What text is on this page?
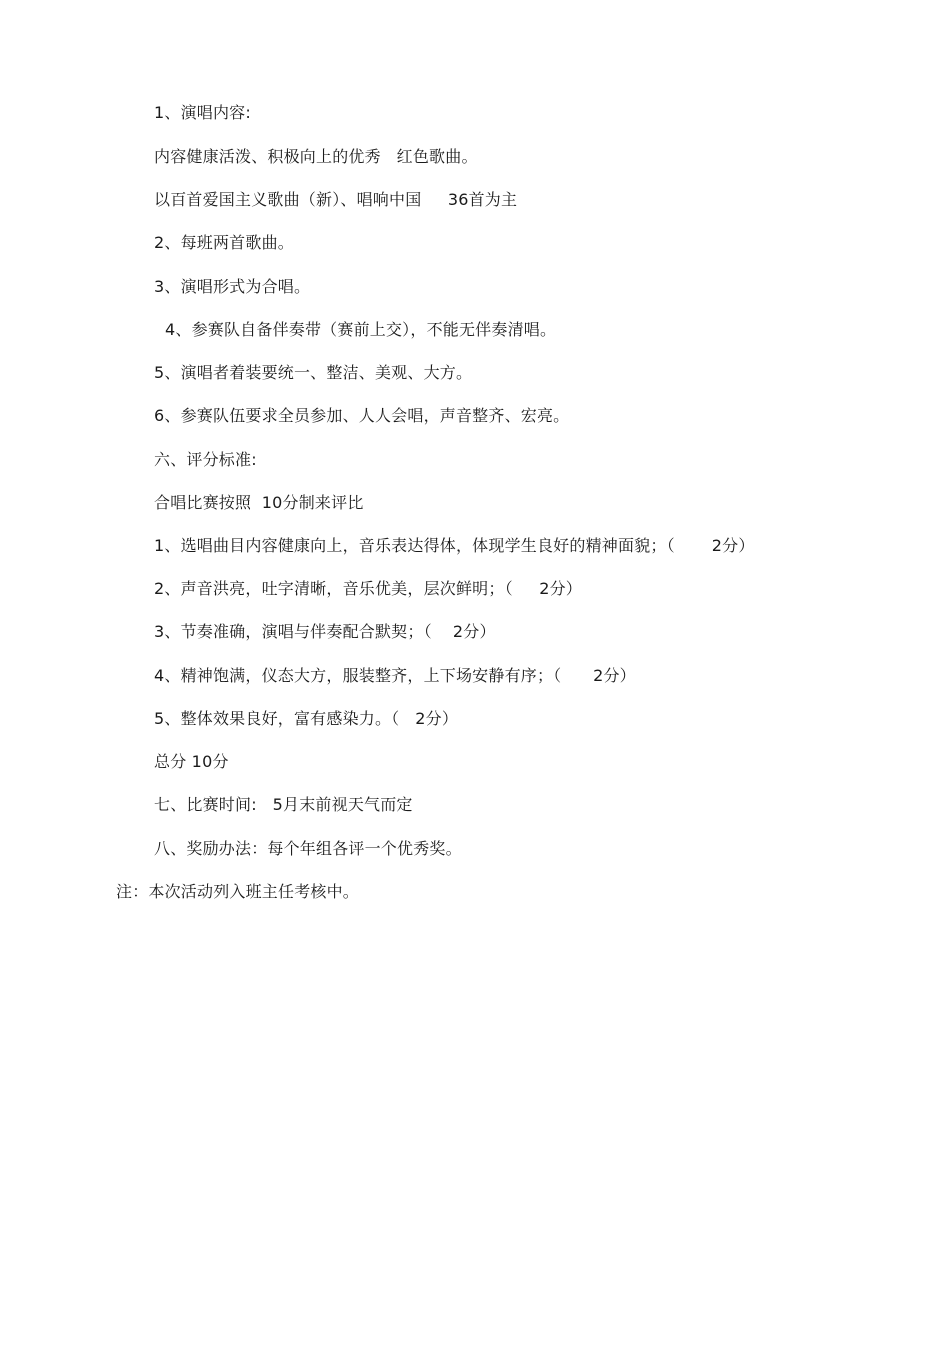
1、演唱内容:
内容健康活泼、积极向上的优秀   红色歌曲。
以百首爱国主义歌曲（新）、唱响中国     36首为主
2、每班两首歌曲。
3、演唱形式为合唱。
4、参赛队自备伴奏带（赛前上交），不能无伴奏清唱。
5、演唱者着装要统一、整洁、美观、大方。
6、参赛队伍要求全员参加、人人会唱，声音整齐、宏亮。
六、评分标准:
合唱比赛按照  10分制来评比
1、选唱曲目内容健康向上，音乐表达得体，体现学生良好的精神面貌；（       2分）
2、声音洪亮，吐字清晰，音乐优美，层次鲜明；（     2分）
3、节奏准确，演唱与伴奏配合默契；（    2分）
4、精神饱满，仪态大方，服装整齐，上下场安静有序；（      2分）
5、整体效果良好，富有感染力。（   2分）
总分 10分
七、比赛时间:   5月末前视天气而定
八、奖励办法：每个年组各评一个优秀奖。
注：本次活动列入班主任考核中。
